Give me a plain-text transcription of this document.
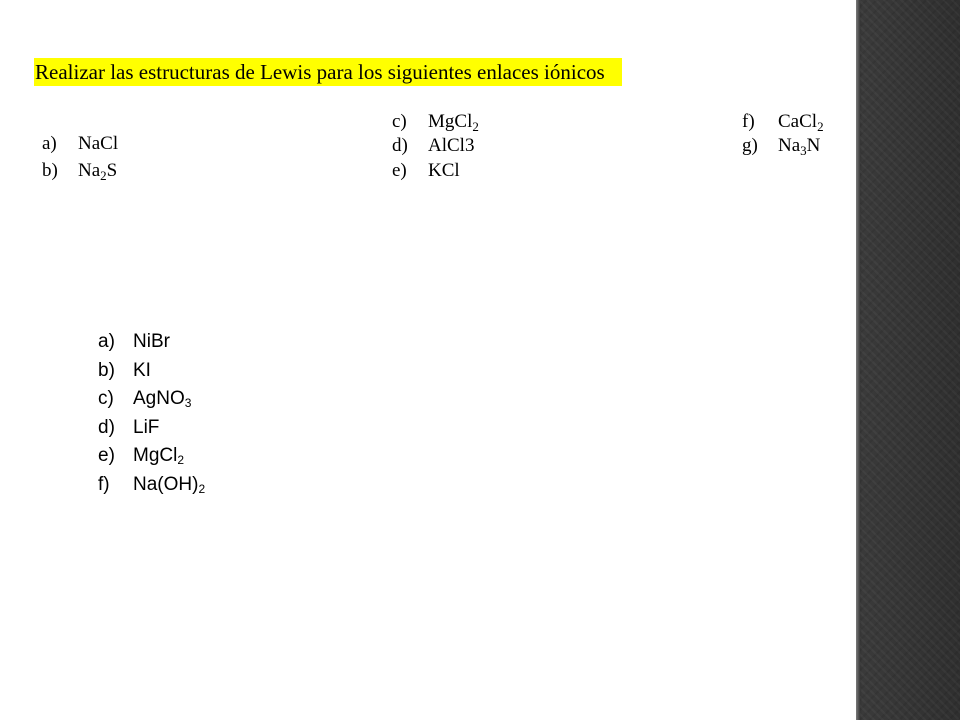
Realizar las estructuras de Lewis para los siguientes enlaces iónicos
a) NaCl
b) $Na_2S$
c) MgCl$_2$
d) AlCl3
e) KCl
f) CaCl$_2$
g) $Na_3N$
a) NiBr
b) KI
c) AgNO$_3$
d) LiF
e) MgCl$_2$
f) $Na(OH)_2$
